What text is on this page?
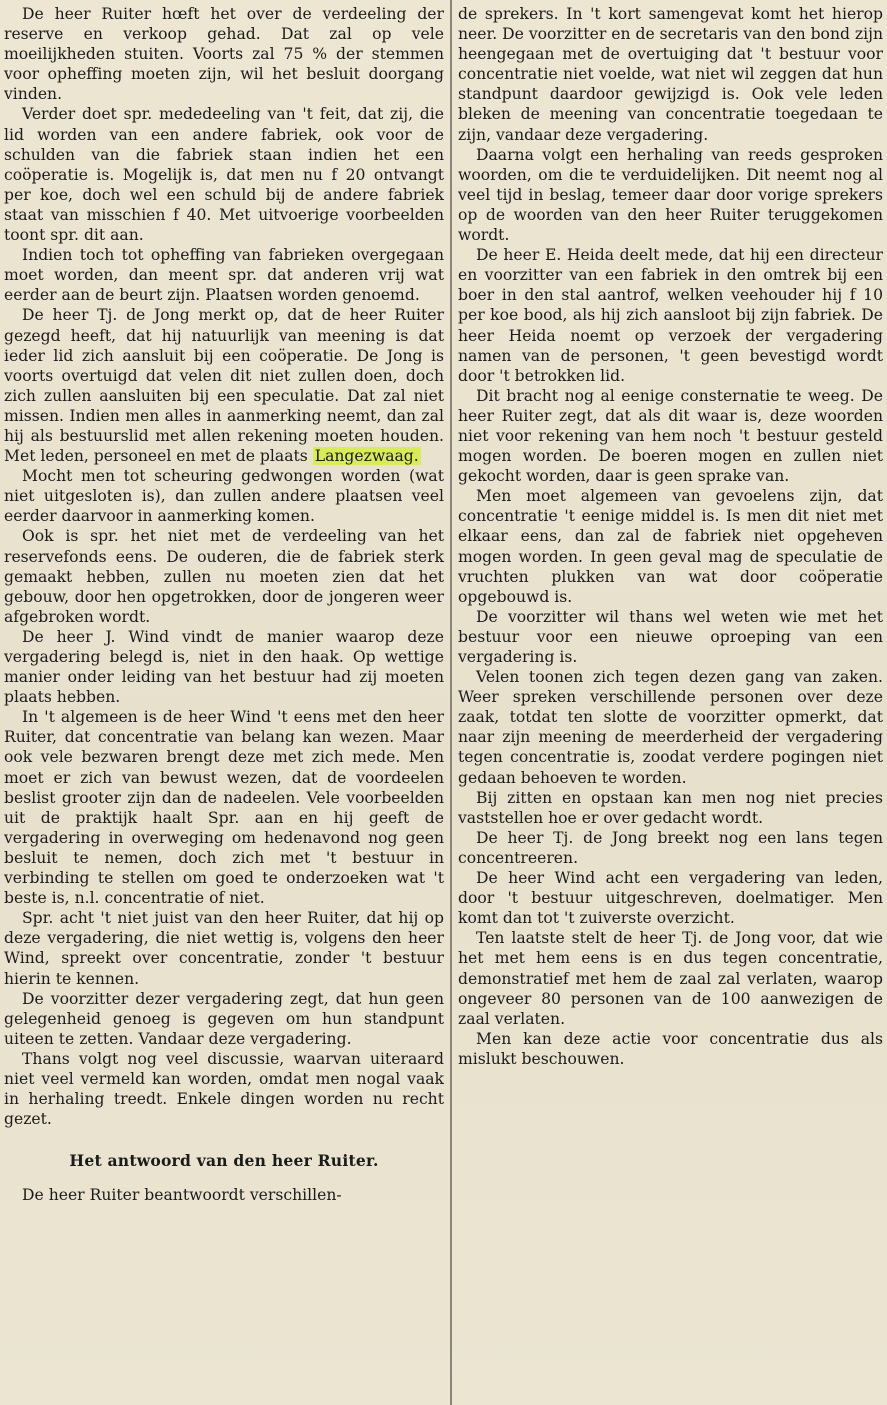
De heer Ruiter hœft het over de verdeeling der reserve en verkoop gehad. Dat zal op vele moeilijkheden stuiten. Voorts zal 75 % der stemmen voor opheffing moeten zijn, wil het besluit doorgang vinden.

Verder doet spr. mededeeling van 't feit, dat zij, die lid worden van een andere fabriek, ook voor de schulden van die fabriek staan indien het een coöperatie is. Mogelijk is, dat men nu f 20 ontvangt per koe, doch wel een schuld bij de andere fabriek staat van misschien f 40. Met uitvoerige voorbeelden toont spr. dit aan.

Indien toch tot opheffing van fabrieken overgegaan moet worden, dan meent spr. dat anderen vrij wat eerder aan de beurt zijn. Plaatsen worden genoemd.

De heer Tj. de Jong merkt op, dat de heer Ruiter gezegd heeft, dat hij natuurlijk van meening is dat ieder lid zich aansluit bij een coöperatie. De Jong is voorts overtuigd dat velen dit niet zullen doen, doch zich zullen aansluiten bij een speculatie. Dat zal niet missen. Indien men alles in aanmerking neemt, dan zal hij als bestuurslid met allen rekening moeten houden. Met leden, personeel en met de plaats Langezwaag.

Mocht men tot scheuring gedwongen worden (wat niet uitgesloten is), dan zullen andere plaatsen veel eerder daarvoor in aanmerking komen.

Ook is spr. het niet met de verdeeling van het reservefonds eens. De ouderen, die de fabriek sterk gemaakt hebben, zullen nu moeten zien dat het gebouw, door hen opgetrokken, door de jongeren weer afgebroken wordt.

De heer J. Wind vindt de manier waarop deze vergadering belegd is, niet in den haak. Op wettige manier onder leiding van het bestuur had zij moeten plaats hebben.

In 't algemeen is de heer Wind 't eens met den heer Ruiter, dat concentratie van belang kan wezen. Maar ook vele bezwaren brengt deze met zich mede. Men moet er zich van bewust wezen, dat de voordeelen beslist grooter zijn dan de nadeelen. Vele voorbeelden uit de praktijk haalt Spr. aan en hij geeft de vergadering in overweging om hedenavond nog geen besluit te nemen, doch zich met 't bestuur in verbinding te stellen om goed te onderzoeken wat 't beste is, n.l. concentratie of niet.

Spr. acht 't niet juist van den heer Ruiter, dat hij op deze vergadering, die niet wettig is, volgens den heer Wind, spreekt over concentratie, zonder 't bestuur hierin te kennen.

De voorzitter dezer vergadering zegt, dat hun geen gelegenheid genoeg is gegeven om hun standpunt uiteen te zetten. Vandaar deze vergadering.

Thans volgt nog veel discussie, waarvan uiteraard niet veel vermeld kan worden, omdat men nogal vaak in herhaling treedt. Enkele dingen worden nu recht gezet.

Het antwoord van den heer Ruiter.

De heer Ruiter beantwoordt verschillen-

de sprekers. In 't kort samengevat komt het hierop neer. De voorzitter en de secretaris van den bond zijn heengegaan met de overtuiging dat 't bestuur voor concentratie niet voelde, wat niet wil zeggen dat hun standpunt daardoor gewijzigd is. Ook vele leden bleken de meening van concentratie toegedaan te zijn, vandaar deze vergadering.

Daarna volgt een herhaling van reeds gesproken woorden, om die te verduidelijken. Dit neemt nog al veel tijd in beslag, temeer daar door vorige sprekers op de woorden van den heer Ruiter teruggekomen wordt.

De heer E. Heida deelt mede, dat hij een directeur en voorzitter van een fabriek in den omtrek bij een boer in den stal aantrof, welken veehouder hij f 10 per koe bood, als hij zich aansloot bij zijn fabriek. De heer Heida noemt op verzoek der vergadering namen van de personen, 't geen bevestigd wordt door 't betrokken lid.

Dit bracht nog al eenige consternatie te weeg. De heer Ruiter zegt, dat als dit waar is, deze woorden niet voor rekening van hem noch 't bestuur gesteld mogen worden. De boeren mogen en zullen niet gekocht worden, daar is geen sprake van.

Men moet algemeen van gevoelens zijn, dat concentratie 't eenige middel is. Is men dit niet met elkaar eens, dan zal de fabriek niet opgeheven mogen worden. In geen geval mag de speculatie de vruchten plukken van wat door coöperatie opgebouwd is.

De voorzitter wil thans wel weten wie met het bestuur voor een nieuwe oproeping van een vergadering is.

Velen toonen zich tegen dezen gang van zaken. Weer spreken verschillende personen over deze zaak, totdat ten slotte de voorzitter opmerkt, dat naar zijn meening de meerderheid der vergadering tegen concentratie is, zoodat verdere pogingen niet gedaan behoeven te worden.

Bij zitten en opstaan kan men nog niet precies vaststellen hoe er over gedacht wordt.

De heer Tj. de Jong breekt nog een lans tegen concentreeren.

De heer Wind acht een vergadering van leden, door 't bestuur uitgeschreven, doelmatiger. Men komt dan tot 't zuiverste overzicht.

Ten laatste stelt de heer Tj. de Jong voor, dat wie het met hem eens is en dus tegen concentratie, demonstratief met hem de zaal zal verlaten, waarop ongeveer 80 personen van de 100 aanwezigen de zaal verlaten.

Men kan deze actie voor concentratie dus als mislukt beschouwen.
